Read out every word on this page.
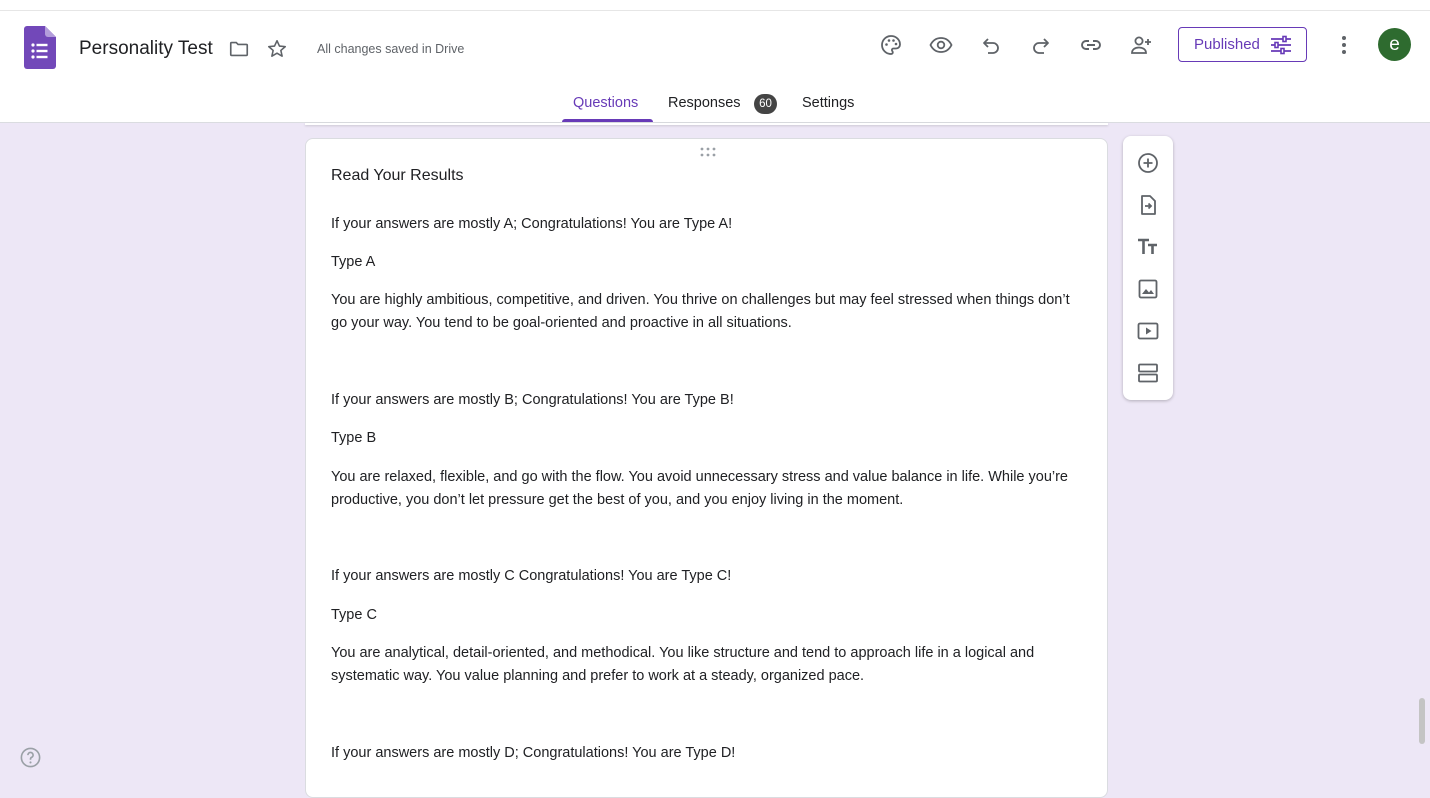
Personality Test	All changes saved in Drive	Published	e
Questions Responses	60	Settings
Read Your Results
If your answers are mostly A; Congratulations! You are Type A!
Type A
You are highly ambitious, competitive, and driven. You thrive on challenges but may feel stressed when things don’t go your way. You tend to be goal-oriented and proactive in all situations.
If your answers are mostly B; Congratulations! You are Type B!
Type B
You are relaxed, flexible, and go with the flow. You avoid unnecessary stress and value balance in life. While you’re productive, you don’t let pressure get the best of you, and you enjoy living in the moment.
If your answers are mostly C Congratulations! You are Type C!
Type C
You are analytical, detail-oriented, and methodical. You like structure and tend to approach life in a logical and systematic way. You value planning and prefer to work at a steady, organized pace.
If your answers are mostly D; Congratulations! You are Type D!
